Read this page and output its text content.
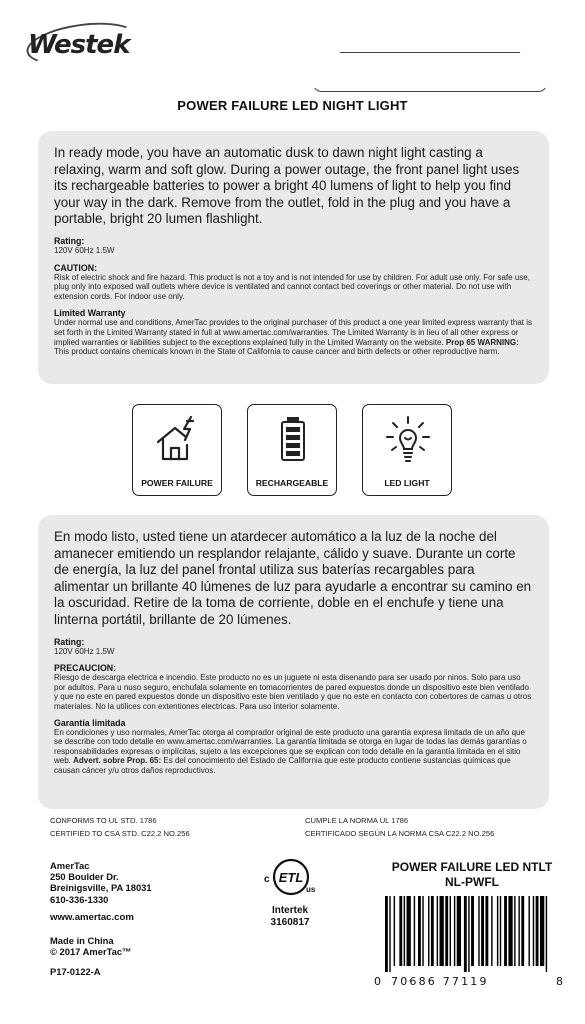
Westek
POWER FAILURE LED NIGHT LIGHT
In ready mode, you have an automatic dusk to dawn night light casting a relaxing, warm and soft glow. During a power outage, the front panel light uses its rechargeable batteries to power a bright 40 lumens of light to help you find your way in the dark. Remove from the outlet, fold in the plug and you have a portable, bright 20 lumen flashlight.
Rating:
120V 60Hz 1.5W
CAUTION:
Risk of electric shock and fire hazard. This product is not a toy and is not intended for use by children. For adult use only. For safe use, plug only into exposed wall outlets where device is ventilated and cannot contact bed coverings or other material. Do not use with extension cords. For indoor use only.
Limited Warranty
Under normal use and conditions, AmerTac provides to the original purchaser of this product a one year limited express warranty that is set forth in the Limited Warranty stated in full at www.amertac.com/warranties. The Limited Warranty is in lieu of all other express or implied warranties or liabilities subject to the exceptions explained fully in the Limited Warranty on the website. Prop 65 WARNING: This product contains chemicals known in the State of California to cause cancer and birth defects or other reproductive harm.
POWER FAILURE	RECHARGEABLE	LED LIGHT
En modo listo, usted tiene un atardecer automático a la luz de la noche del amanecer emitiendo un resplandor relajante, cálido y suave. Durante un corte de energía, la luz del panel frontal utiliza sus baterías recargables para alimentar un brillante 40 lúmenes de luz para ayudarle a encontrar su camino en la oscuridad. Retire de la toma de corriente, doble en el enchufe y tiene una linterna portátil, brillante de 20 lúmenes.
Rating:
120V 60Hz 1.5W
PRECAUCION:
Riesgo de descarga electrica e incendio. Este producto no es un juguete ni esta disenando para ser usado por ninos. Solo para uso por adultos. Para u nuso seguro, enchufala solamente en tomacorrientes de pared expuestos donde un dispositivo este bien ventilado y que no este en pared expuestos donde un dispositivo este bien ventilado y que no este en contacto con cobertores de camas u otros materiales. No la utilices con extentiones electricas. Para uso interior solamente.
Garantía limitada
En condiciones y uso normales, AmerTac otorga al comprador original de este producto una garantía expresa limitada de un año que se describe con todo detalle en www.amertac.com/warranties. La garantía limitada se otorga en lugar de todas las demás garantías o responsabilidades expresas o implícitas, sujeto a las excepciones que se explican con todo detalle en la garantía limitada en el sitio web. Advert. sobre Prop. 65: Es del conocimiento del Estado de California que este producto contiene sustancias químicas que causan cáncer y/u otros daños reproductivos.
CONFORMS TO UL STD. 1786
CERTIFIED TO CSA STD. C22.2 NO.256
CUMPLE LA NORMA UL 1786
CERTIFICADO SEGÚN LA NORMA CSA C22.2 NO.256
AmerTac
250 Boulder Dr.
Breinigsville, PA 18031
610-336-1330
www.amertac.com
Made in China
© 2017 AmerTac™
P17-0122-A
c ETL
us
Intertek
3160817
POWER FAILURE LED NTLT
NL-PWFL
0 70686 77119	8
